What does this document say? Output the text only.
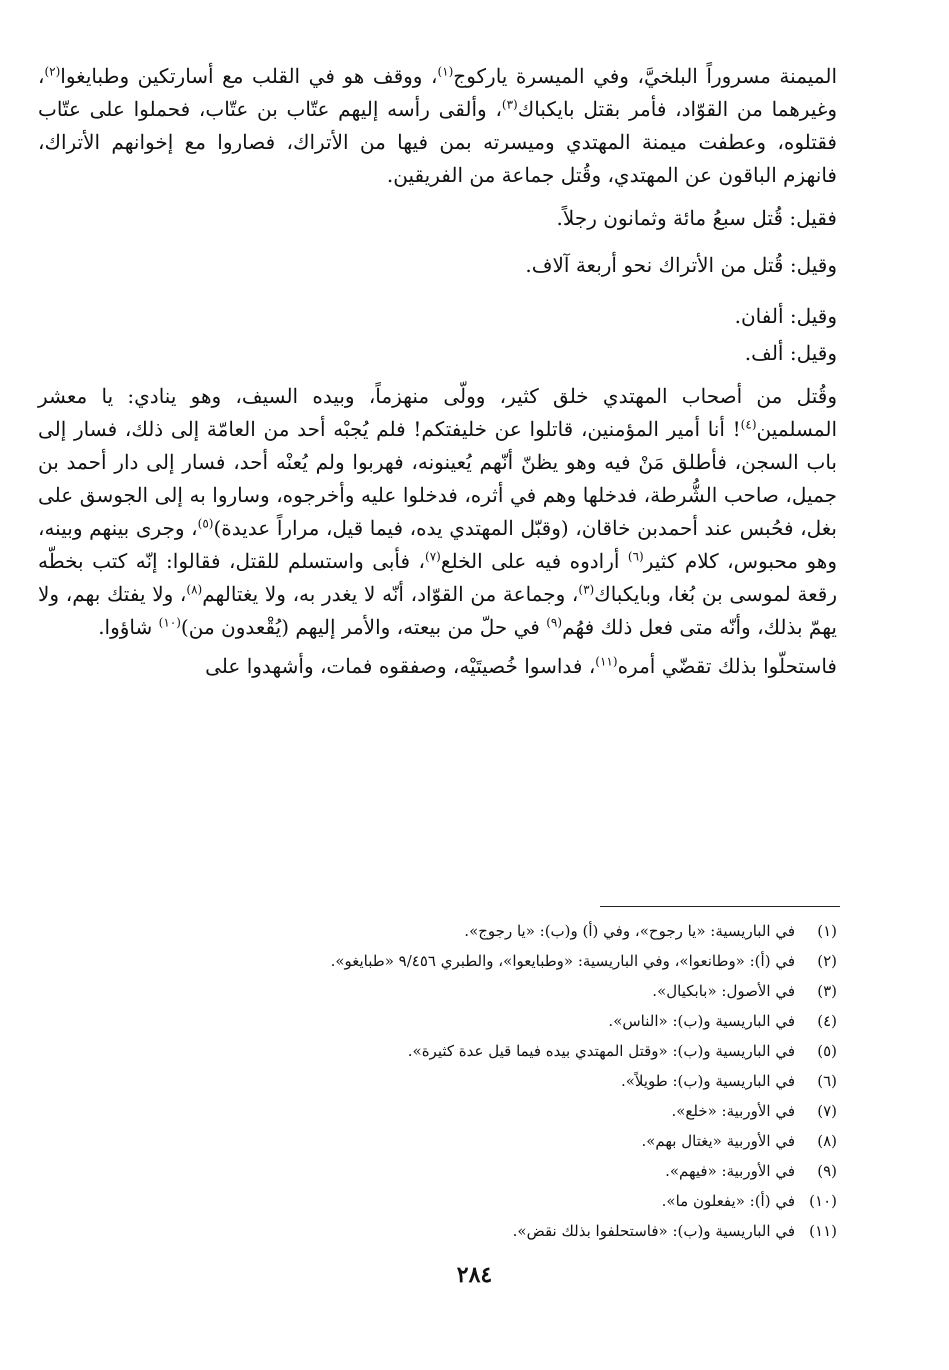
الميمنة مسروراً البلخيَّ، وفي الميسرة ياركوج$^{(١)}$، ووقف هو في القلب مع أسارتكين وطبايغوا$^{(٢)}$، وغيرهما من القوّاد، فأمر بقتل بايكباك$^{(٣)}$، وألقى رأسه إليهم عتّاب بن عتّاب، فحملوا على عتّاب فقتلوه، وعطفت ميمنة المهتدي وميسرته بمن فيها من الأتراك، فصاروا مع إخوانهم الأتراك، فانهزم الباقون عن المهتدي، وقُتل جماعة من الفريقين.

فقيل: قُتل سبعُ مائة وثمانون رجلاً.

وقيل: قُتل من الأتراك نحو أربعة آلاف.

وقيل: ألفان.

وقيل: ألف.

وقُتل من أصحاب المهتدي خلق كثير، وولّى منهزماً، وبيده السيف، وهو ينادي: يا معشر المسلمين$^{(٤)}$! أنا أمير المؤمنين، قاتلوا عن خليفتكم! فلم يُجبْه أحد من العامّة إلى ذلك، فسار إلى باب السجن، فأطلق مَنْ فيه وهو يظنّ أنّهم يُعينونه، فهربوا ولم يُعنْه أحد، فسار إلى دار أحمد بن جميل، صاحب الشُّرطة، فدخلها وهم في أثره، فدخلوا عليه وأخرجوه، وساروا به إلى الجوسق على بغل، فحُبس عند أحمدبن خاقان، (وقبّل المهتدي يده، فيما قيل، مراراً عديدة)$^{(٥)}$، وجرى بينهم وبينه، وهو محبوس، كلام كثير$^{(٦)}$ أرادوه فيه على الخلع$^{(٧)}$، فأبى واستسلم للقتل، فقالوا: إنّه كتب بخطّه رقعة لموسى بن بُغا، وبايكباك$^{(٣)}$، وجماعة من القوّاد، أنّه لا يغدر به، ولا يغتالهم$^{(٨)}$، ولا يفتك بهم، ولا يهمّ بذلك، وأنّه متى فعل ذلك فهُم$^{(٩)}$ في حلّ من بيعته، والأمر إليهم (يُقْعدون من)$^{(١٠)}$ شاؤوا.

فاستحلّوا بذلك تقضّي أمره$^{(١١)}$، فداسوا خُصيتَيْه، وصفقوه فمات، وأشهدوا على

(١)
في الباريسية: «يا رجوح»، وفي (أ) و(ب): «يا رجوج».
(٢)
في (أ): «وطانعوا»، وفي الباريسية: «وطبايعوا»، والطبري ٩/٤٥٦ «طبايغو».
(٣)
في الأصول: «بابكيال».
(٤)
في الباريسية و(ب): «الناس».
(٥)
في الباريسية و(ب): «وقتل المهتدي بيده فيما قيل عدة كثيرة».
(٦)
في الباريسية و(ب): طويلاً».
(٧)
في الأوربية: «خلع».
(٨)
في الأوربية «يغتال بهم».
(٩)
في الأوربية: «فيهم».
(١٠)
في (أ): «يفعلون ما».
(١١)
في الباريسية و(ب): «فاستحلفوا بذلك نقض».
٢٨٤
